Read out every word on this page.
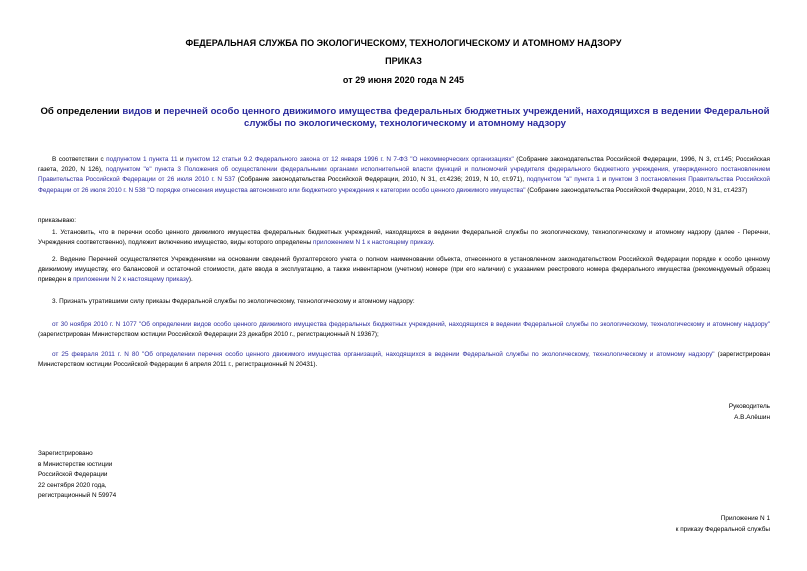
ФЕДЕРАЛЬНАЯ СЛУЖБА ПО ЭКОЛОГИЧЕСКОМУ, ТЕХНОЛОГИЧЕСКОМУ И АТОМНОМУ НАДЗОРУ
ПРИКАЗ
от 29 июня 2020 года N 245
Об определении видов и перечней особо ценного движимого имущества федеральных бюджетных учреждений, находящихся в ведении Федеральной службы по экологическому, технологическому и атомному надзору
В соответствии с подпунктом 1 пункта 11 и пунктом 12 статьи 9.2 Федерального закона от 12 января 1996 г. N 7-ФЗ "О некоммерческих организациях" (Собрание законодательства Российской Федерации, 1996, N 3, ст.145; Российская газета, 2020, N 126), подпунктом "е" пункта 3 Положения об осуществлении федеральными органами исполнительной власти функций и полномочий учредителя федерального бюджетного учреждения, утвержденного постановлением Правительства Российской Федерации от 26 июля 2010 г. N 537 (Собрание законодательства Российской Федерации, 2010, N 31, ст.4236; 2019, N 10, ст.971), подпунктом "а" пункта 1 и пунктом 3 постановления Правительства Российской Федерации от 26 июля 2010 г. N 538 "О порядке отнесения имущества автономного или бюджетного учреждения к категории особо ценного движимого имущества" (Собрание законодательства Российской Федерации, 2010, N 31, ст.4237)
приказываю:
1. Установить, что в перечни особо ценного движимого имущества федеральных бюджетных учреждений, находящихся в ведении Федеральной службы по экологическому, технологическому и атомному надзору (далее - Перечни, Учреждения соответственно), подлежит включению имущество, виды которого определены приложением N 1 к настоящему приказу.
2. Ведение Перечней осуществляется Учреждениями на основании сведений бухгалтерского учета о полном наименовании объекта, отнесенного в установленном законодательством Российской Федерации порядке к особо ценному движимому имуществу, его балансовой и остаточной стоимости, дате ввода в эксплуатацию, а также инвентарном (учетном) номере (при его наличии) с указанием реестрового номера федерального имущества (рекомендуемый образец приведен в приложении N 2 к настоящему приказу).
3. Признать утратившими силу приказы Федеральной службы по экологическому, технологическому и атомному надзору:
от 30 ноября 2010 г. N 1077 "Об определении видов особо ценного движимого имущества федеральных бюджетных учреждений, находящихся в ведении Федеральной службы по экологическому, технологическому и атомному надзору" (зарегистрирован Министерством юстиции Российской Федерации 23 декабря 2010 г., регистрационный N 19367);
от 25 февраля 2011 г. N 80 "Об определении перечня особо ценного движимого имущества организаций, находящихся в ведении Федеральной службы по экологическому, технологическому и атомному надзору" (зарегистрирован Министерством юстиции Российской Федерации 6 апреля 2011 г., регистрационный N 20431).
Руководитель
А.В.Алёшин
Зарегистрировано
в Министерстве юстиции
Российской Федерации
22 сентября 2020 года,
регистрационный N 59974
Приложение N 1
к приказу Федеральной службы
